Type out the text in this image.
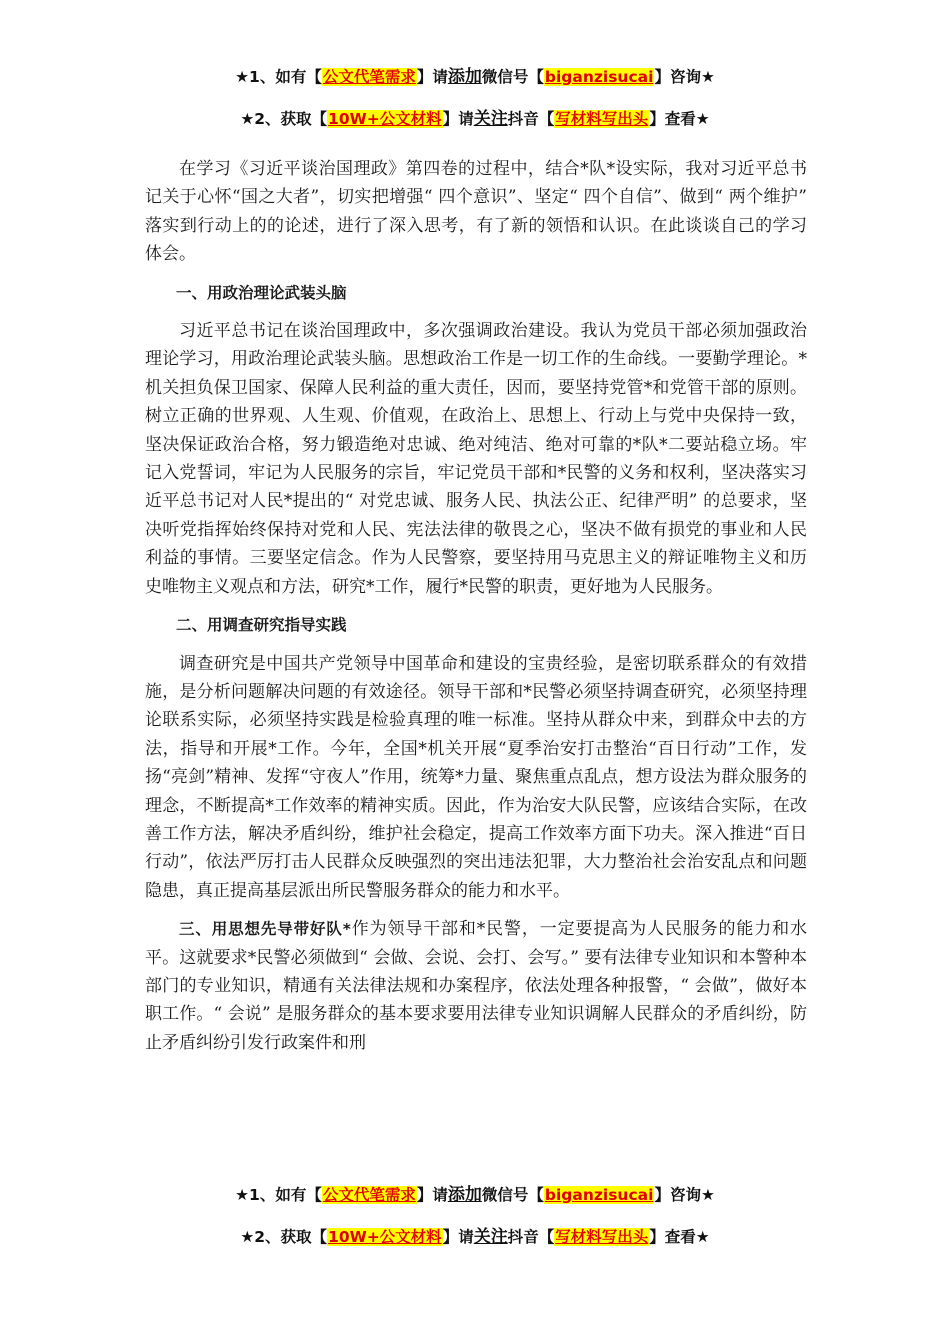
★1、如有【公文代笔需求】请添加微信号【biganzisucai】咨询★
★2、获取【10W+公文材料】请关注抖音【写材料写出头】查看★

在学习《习近平谈治国理政》第四卷的过程中，结合*队*设实际，我对习近平总书记关于心怀“国之大者”，切实把增强“ 四个意识”、坚定“ 四个自信”、做到“ 两个维护” 落实到行动上的的论述，进行了深入思考，有了新的领悟和认识。在此谈谈自己的学习体会。

一、用政治理论武装头脑

习近平总书记在谈治国理政中，多次强调政治建设。我认为党员干部必须加强政治理论学习，用政治理论武装头脑。思想政治工作是一切工作的生命线。一要勤学理论。*机关担负保卫国家、保障人民利益的重大责任，因而，要坚持党管*和党管干部的原则。树立正确的世界观、人生观、价值观，在政治上、思想上、行动上与党中央保持一致，坚决保证政治合格，努力锻造绝对忠诚、绝对纯洁、绝对可靠的*队*二要站稳立场。牢记入党誓词，牢记为人民服务的宗旨，牢记党员干部和*民警的义务和权利，坚决落实习近平总书记对人民*提出的“ 对党忠诚、服务人民、执法公正、纪律严明” 的总要求，坚决听党指挥始终保持对党和人民、宪法法律的敬畏之心，坚决不做有损党的事业和人民利益的事情。三要坚定信念。作为人民警察，要坚持用马克思主义的辩证唯物主义和历史唯物主义观点和方法，研究*工作，履行*民警的职责，更好地为人民服务。

二、用调查研究指导实践

调查研究是中国共产党领导中国革命和建设的宝贵经验，是密切联系群众的有效措施，是分析问题解决问题的有效途径。领导干部和*民警必须坚持调查研究，必须坚持理论联系实际，必须坚持实践是检验真理的唯一标准。坚持从群众中来，到群众中去的方法，指导和开展*工作。今年，全国*机关开展“夏季治安打击整治“百日行动”工作，发扬“亮剑”精神、发挥“守夜人”作用，统筹*力量、聚焦重点乱点，想方设法为群众服务的理念，不断提高*工作效率的精神实质。因此，作为治安大队民警，应该结合实际，在改善工作方法，解决矛盾纠纷，维护社会稳定，提高工作效率方面下功夫。深入推进“百日行动”，依法严厉打击人民群众反映强烈的突出违法犯罪，大力整治社会治安乱点和问题隐患，真正提高基层派出所民警服务群众的能力和水平。

三、用思想先导带好队*作为领导干部和*民警，一定要提高为人民服务的能力和水平。这就要求*民警必须做到“ 会做、会说、会打、会写。” 要有法律专业知识和本警种本部门的专业知识，精通有关法律法规和办案程序，依法处理各种报警，“ 会做”，做好本职工作。“ 会说” 是服务群众的基本要求要用法律专业知识调解人民群众的矛盾纠纷，防止矛盾纠纷引发行政案件和刑

★1、如有【公文代笔需求】请添加微信号【biganzisucai】咨询★
★2、获取【10W+公文材料】请关注抖音【写材料写出头】查看★
